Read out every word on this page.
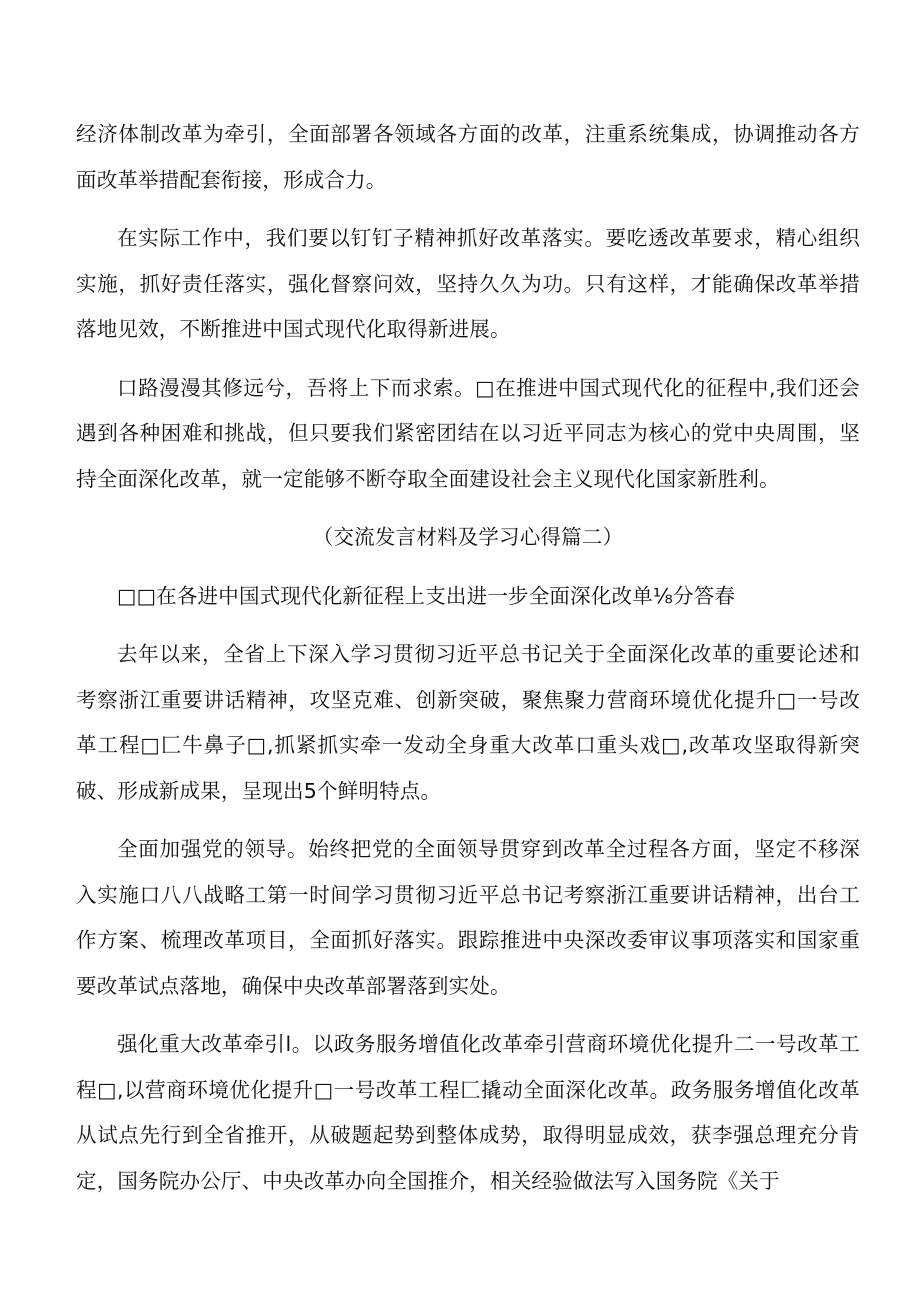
经济体制改革为牵引，全面部署各领域各方面的改革，注重系统集成，协调推动各方面改革举措配套衔接，形成合力。

在实际工作中，我们要以钉钉子精神抓好改革落实。要吃透改革要求，精心组织实施，抓好责任落实，强化督察问效，坚持久久为功。只有这样，才能确保改革举措落地见效，不断推进中国式现代化取得新进展。

口路漫漫其修远兮，吾将上下而求索。□在推进中国式现代化的征程中,我们还会遇到各种困难和挑战，但只要我们紧密团结在以习近平同志为核心的党中央周围，坚持全面深化改革，就一定能够不断夺取全面建设社会主义现代化国家新胜利。

（交流发言材料及学习心得篇二）

□□在各进中国式现代化新征程上支出进一步全面深化改单⅛分答春

去年以来，全省上下深入学习贯彻习近平总书记关于全面深化改革的重要论述和考察浙江重要讲话精神，攻坚克难、创新突破，聚焦聚力营商环境优化提升□一号改革工程□匚牛鼻子□,抓紧抓实牵一发动全身重大改革口重头戏□,改革攻坚取得新突破、形成新成果，呈现出5个鲜明特点。

全面加强党的领导。始终把党的全面领导贯穿到改革全过程各方面，坚定不移深入实施口八八战略工第一时间学习贯彻习近平总书记考察浙江重要讲话精神，出台工作方案、梳理改革项目，全面抓好落实。跟踪推进中央深改委审议事项落实和国家重要改革试点落地，确保中央改革部署落到实处。

强化重大改革牵引l。以政务服务增值化改革牵引营商环境优化提升二一号改革工程□,以营商环境优化提升□一号改革工程匚撬动全面深化改革。政务服务增值化改革从试点先行到全省推开，从破题起势到整体成势，取得明显成效，获李强总理充分肯定，国务院办公厅、中央改革办向全国推介，相关经验做法写入国务院《关于
